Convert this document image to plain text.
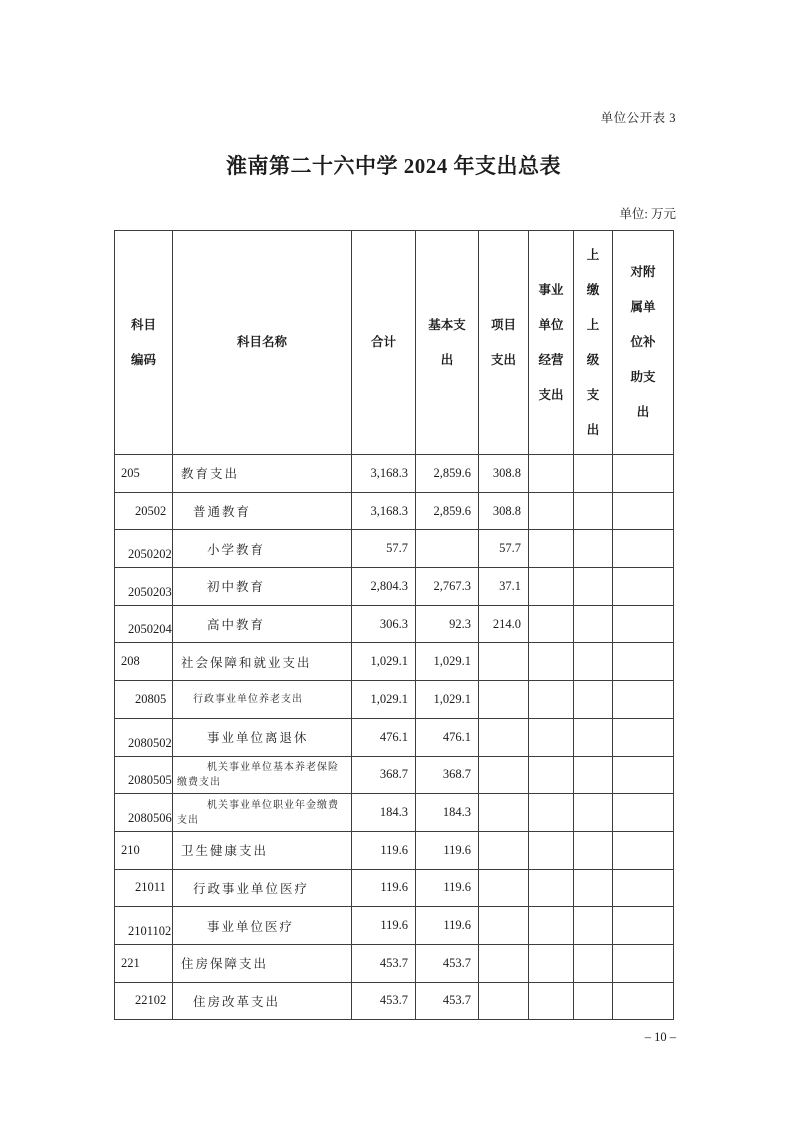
单位公开表 3
淮南第二十六中学 2024 年支出总表
单位: 万元
科目编码	科目名称	合计	基本支出	项目支出	事业单位经营支出	上缴上级支出	对附属单位补助支出
205	教育支出	3,168.3	2,859.6	308.8			
20502	普通教育	3,168.3	2,859.6	308.8			
2050202	小学教育	57.7		57.7			
2050203	初中教育	2,804.3	2,767.3	37.1			
2050204	高中教育	306.3	92.3	214.0			
208	社会保障和就业支出	1,029.1	1,029.1				
20805	行政事业单位养老支出	1,029.1	1,029.1				
2080502	事业单位离退休	476.1	476.1				
2080505	机关事业单位基本养老保险缴费支出	368.7	368.7				
2080506	机关事业单位职业年金缴费支出	184.3	184.3				
210	卫生健康支出	119.6	119.6				
21011	行政事业单位医疗	119.6	119.6				
2101102	事业单位医疗	119.6	119.6				
221	住房保障支出	453.7	453.7				
22102	住房改革支出	453.7	453.7				
– 10 –
